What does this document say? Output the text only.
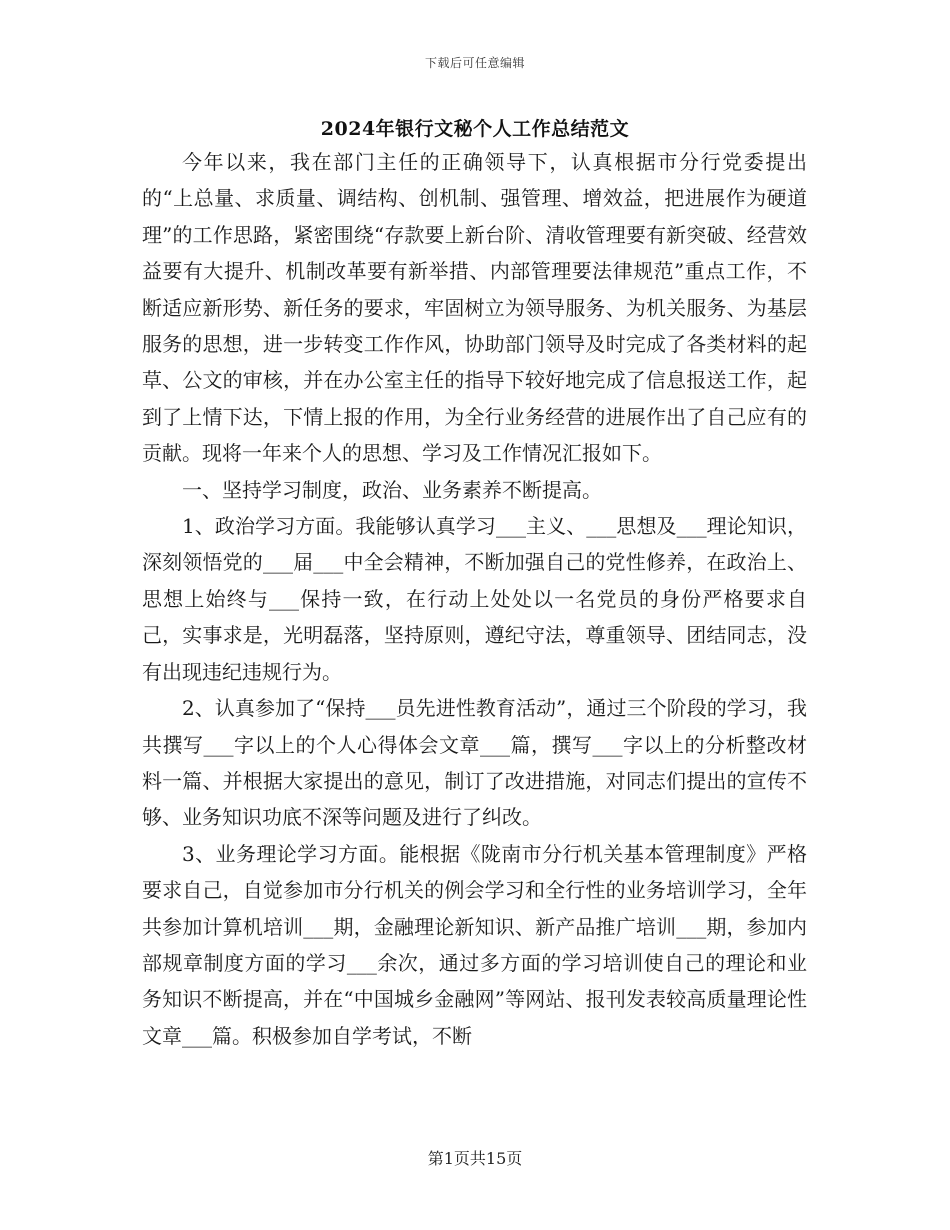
下载后可任意编辑
2024年银行文秘个人工作总结范文

今年以来，我在部门主任的正确领导下，认真根据市分行党委提出的“上总量、求质量、调结构、创机制、强管理、增效益，把进展作为硬道理”的工作思路，紧密围绕“存款要上新台阶、清收管理要有新突破、经营效益要有大提升、机制改革要有新举措、内部管理要法律规范”重点工作，不断适应新形势、新任务的要求，牢固树立为领导服务、为机关服务、为基层服务的思想，进一步转变工作作风，协助部门领导及时完成了各类材料的起草、公文的审核，并在办公室主任的指导下较好地完成了信息报送工作，起到了上情下达，下情上报的作用，为全行业务经营的进展作出了自己应有的贡献。现将一年来个人的思想、学习及工作情况汇报如下。

一、坚持学习制度，政治、业务素养不断提高。

1、政治学习方面。我能够认真学习___主义、___思想及___理论知识，深刻领悟党的___届___中全会精神，不断加强自己的党性修养，在政治上、思想上始终与___保持一致，在行动上处处以一名党员的身份严格要求自己，实事求是，光明磊落，坚持原则，遵纪守法，尊重领导、团结同志，没有出现违纪违规行为。

2、认真参加了“保持___员先进性教育活动”，通过三个阶段的学习，我共撰写___字以上的个人心得体会文章___篇，撰写___字以上的分析整改材料一篇、并根据大家提出的意见，制订了改进措施，对同志们提出的宣传不够、业务知识功底不深等问题及进行了纠改。

3、业务理论学习方面。能根据《陇南市分行机关基本管理制度》严格要求自己，自觉参加市分行机关的例会学习和全行性的业务培训学习，全年共参加计算机培训___期，金融理论新知识、新产品推广培训___期，参加内部规章制度方面的学习___余次，通过多方面的学习培训使自己的理论和业务知识不断提高，并在“中国城乡金融网”等网站、报刊发表较高质量理论性文章___篇。积极参加自学考试，不断

第1页共15页
